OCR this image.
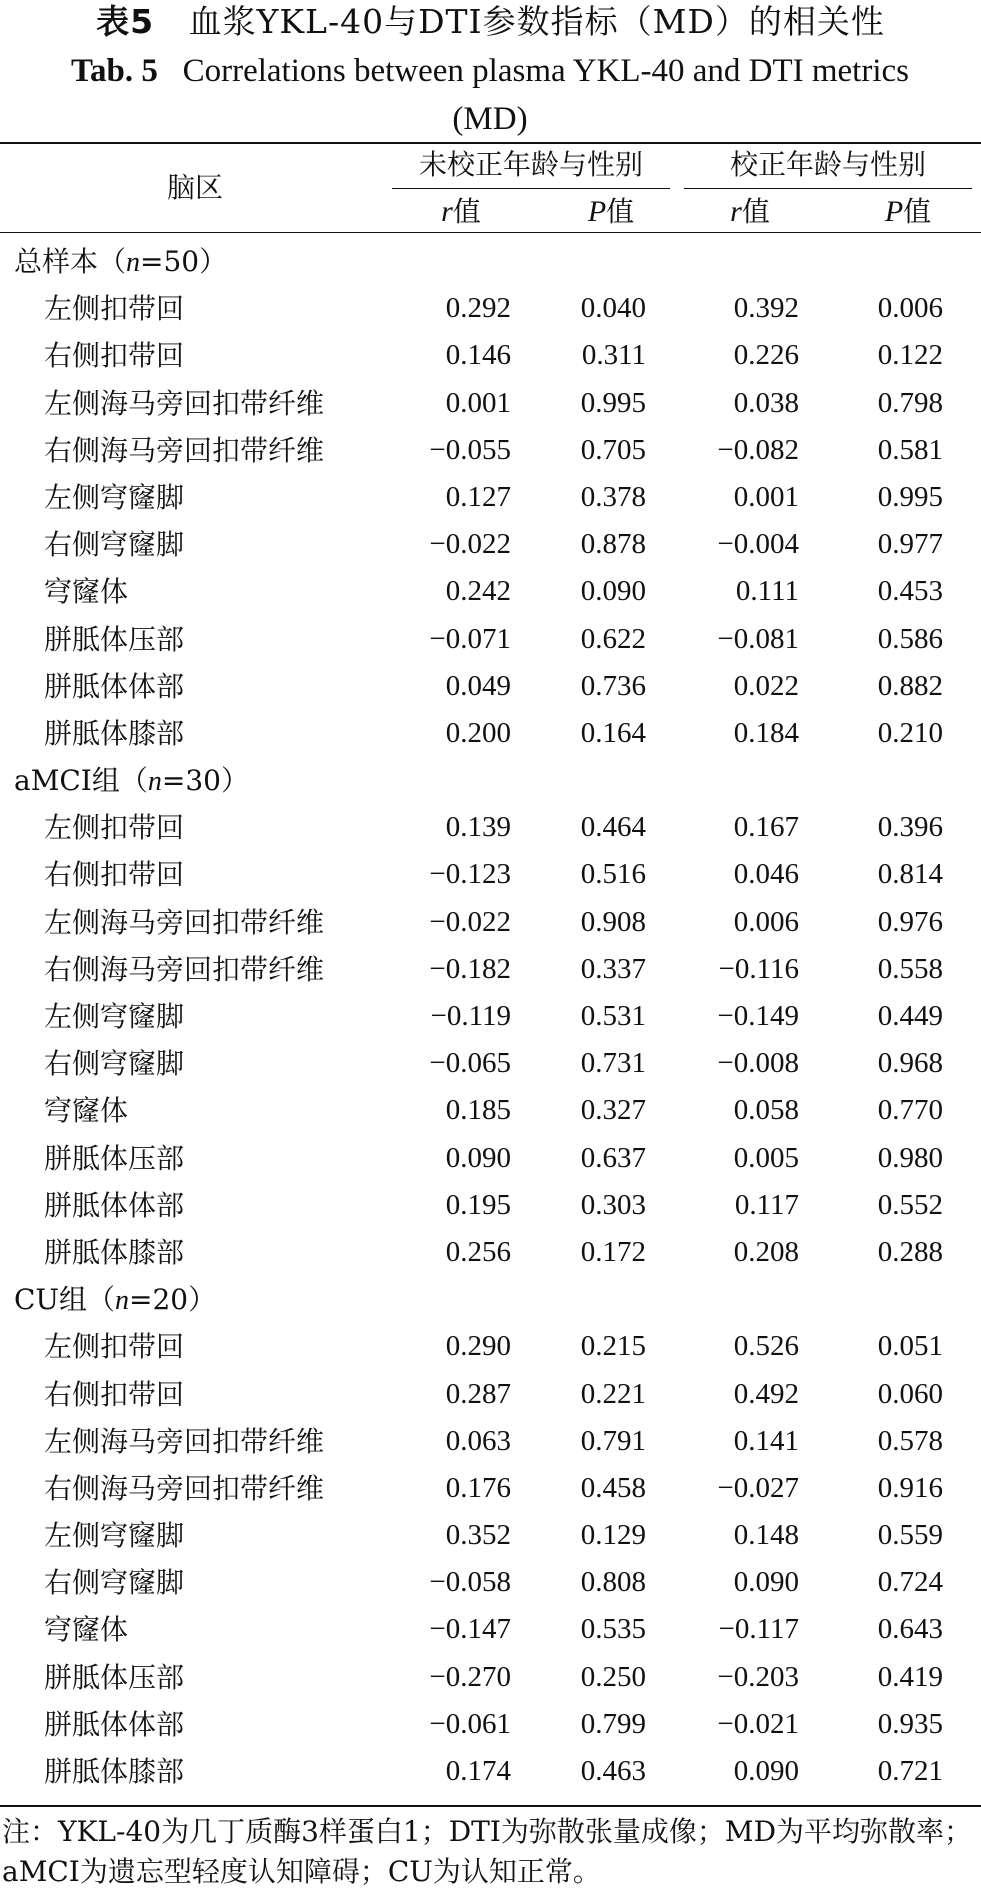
表5 血浆YKL-40与DTI参数指标（MD）的相关性
Tab. 5 Correlations between plasma YKL-40 and DTI metrics (MD)
脑区
未校正年龄与性别	校正年龄与性别
r值	P值	r值	P值
总样本（n=50）
左侧扣带回	0.292	0.040	0.392	0.006
右侧扣带回	0.146	0.311	0.226	0.122
左侧海马旁回扣带纤维	0.001	0.995	0.038	0.798
右侧海马旁回扣带纤维	−0.055	0.705	−0.082	0.581
左侧穹窿脚	0.127	0.378	0.001	0.995
右侧穹窿脚	−0.022	0.878	−0.004	0.977
穹窿体	0.242	0.090	0.111	0.453
胼胝体压部	−0.071	0.622	−0.081	0.586
胼胝体体部	0.049	0.736	0.022	0.882
胼胝体膝部	0.200	0.164	0.184	0.210
aMCI组（n=30）
左侧扣带回	0.139	0.464	0.167	0.396
右侧扣带回	−0.123	0.516	0.046	0.814
左侧海马旁回扣带纤维	−0.022	0.908	0.006	0.976
右侧海马旁回扣带纤维	−0.182	0.337	−0.116	0.558
左侧穹窿脚	−0.119	0.531	−0.149	0.449
右侧穹窿脚	−0.065	0.731	−0.008	0.968
穹窿体	0.185	0.327	0.058	0.770
胼胝体压部	0.090	0.637	0.005	0.980
胼胝体体部	0.195	0.303	0.117	0.552
胼胝体膝部	0.256	0.172	0.208	0.288
CU组（n=20）
左侧扣带回	0.290	0.215	0.526	0.051
右侧扣带回	0.287	0.221	0.492	0.060
左侧海马旁回扣带纤维	0.063	0.791	0.141	0.578
右侧海马旁回扣带纤维	0.176	0.458	−0.027	0.916
左侧穹窿脚	0.352	0.129	0.148	0.559
右侧穹窿脚	−0.058	0.808	0.090	0.724
穹窿体	−0.147	0.535	−0.117	0.643
胼胝体压部	−0.270	0.250	−0.203	0.419
胼胝体体部	−0.061	0.799	−0.021	0.935
胼胝体膝部	0.174	0.463	0.090	0.721
注：YKL-40为几丁质酶3样蛋白1；DTI为弥散张量成像；MD为平均弥散率；aMCI为遗忘型轻度认知障碍；CU为认知正常。
